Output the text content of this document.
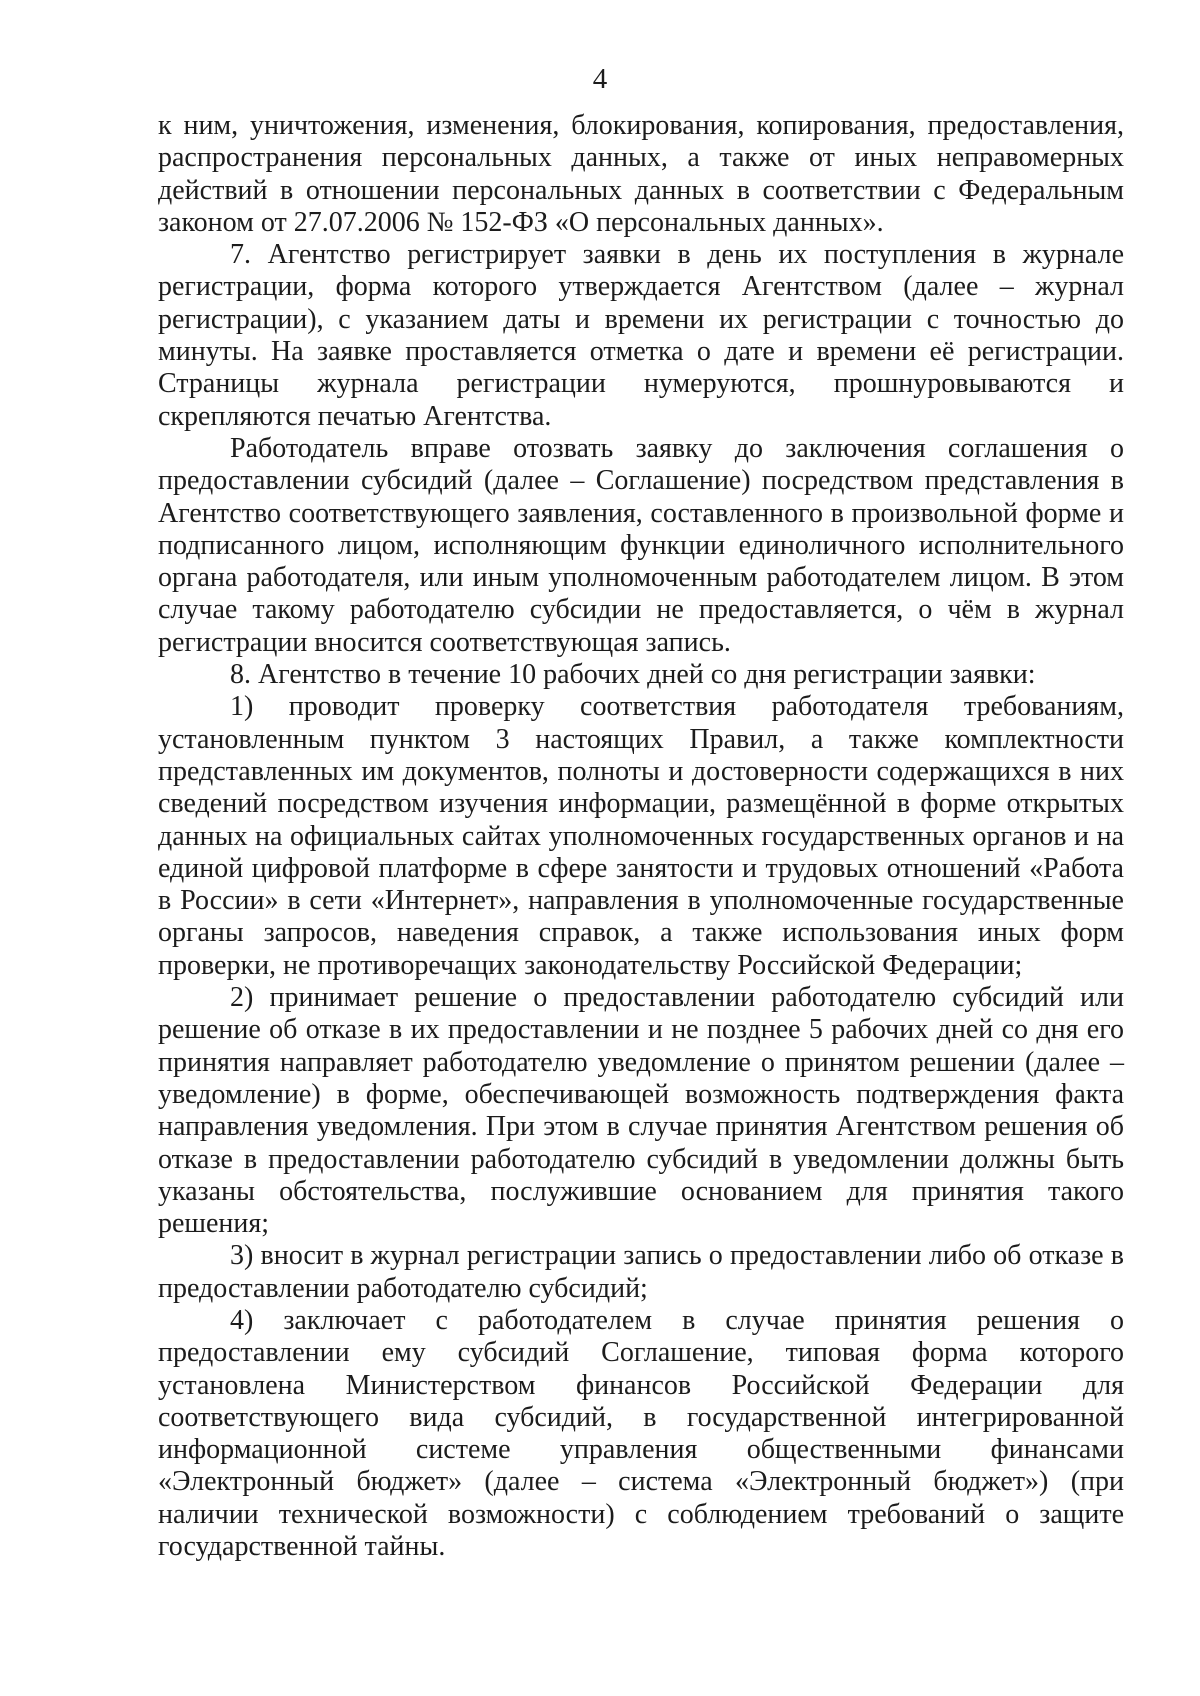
4

к ним, уничтожения, изменения, блокирования, копирования, предоставления, распространения персональных данных, а также от иных неправомерных действий в отношении персональных данных в соответствии с Федеральным законом от 27.07.2006 № 152-ФЗ «О персональных данных».

7. Агентство регистрирует заявки в день их поступления в журнале регистрации, форма которого утверждается Агентством (далее – журнал регистрации), с указанием даты и времени их регистрации с точностью до минуты. На заявке проставляется отметка о дате и времени её регистрации. Страницы журнала регистрации нумеруются, прошнуровываются и скрепляются печатью Агентства.

Работодатель вправе отозвать заявку до заключения соглашения о предоставлении субсидий (далее – Соглашение) посредством представления в Агентство соответствующего заявления, составленного в произвольной форме и подписанного лицом, исполняющим функции единоличного исполнительного органа работодателя, или иным уполномоченным работодателем лицом. В этом случае такому работодателю субсидии не предоставляется, о чём в журнал регистрации вносится соответствующая запись.

8. Агентство в течение 10 рабочих дней со дня регистрации заявки:

1) проводит проверку соответствия работодателя требованиям, установленным пунктом 3 настоящих Правил, а также комплектности представленных им документов, полноты и достоверности содержащихся в них сведений посредством изучения информации, размещённой в форме открытых данных на официальных сайтах уполномоченных государственных органов и на единой цифровой платформе в сфере занятости и трудовых отношений «Работа в России» в сети «Интернет», направления в уполномоченные государственные органы запросов, наведения справок, а также использования иных форм проверки, не противоречащих законодательству Российской Федерации;

2) принимает решение о предоставлении работодателю субсидий или решение об отказе в их предоставлении и не позднее 5 рабочих дней со дня его принятия направляет работодателю уведомление о принятом решении (далее – уведомление) в форме, обеспечивающей возможность подтверждения факта направления уведомления. При этом в случае принятия Агентством решения об отказе в предоставлении работодателю субсидий в уведомлении должны быть указаны обстоятельства, послужившие основанием для принятия такого решения;

3) вносит в журнал регистрации запись о предоставлении либо об отказе в предоставлении работодателю субсидий;

4) заключает с работодателем в случае принятия решения о предоставлении ему субсидий Соглашение, типовая форма которого установлена Министерством финансов Российской Федерации для соответствующего вида субсидий, в государственной интегрированной информационной системе управления общественными финансами «Электронный бюджет» (далее – система «Электронный бюджет») (при наличии технической возможности) с соблюдением требований о защите государственной тайны.
